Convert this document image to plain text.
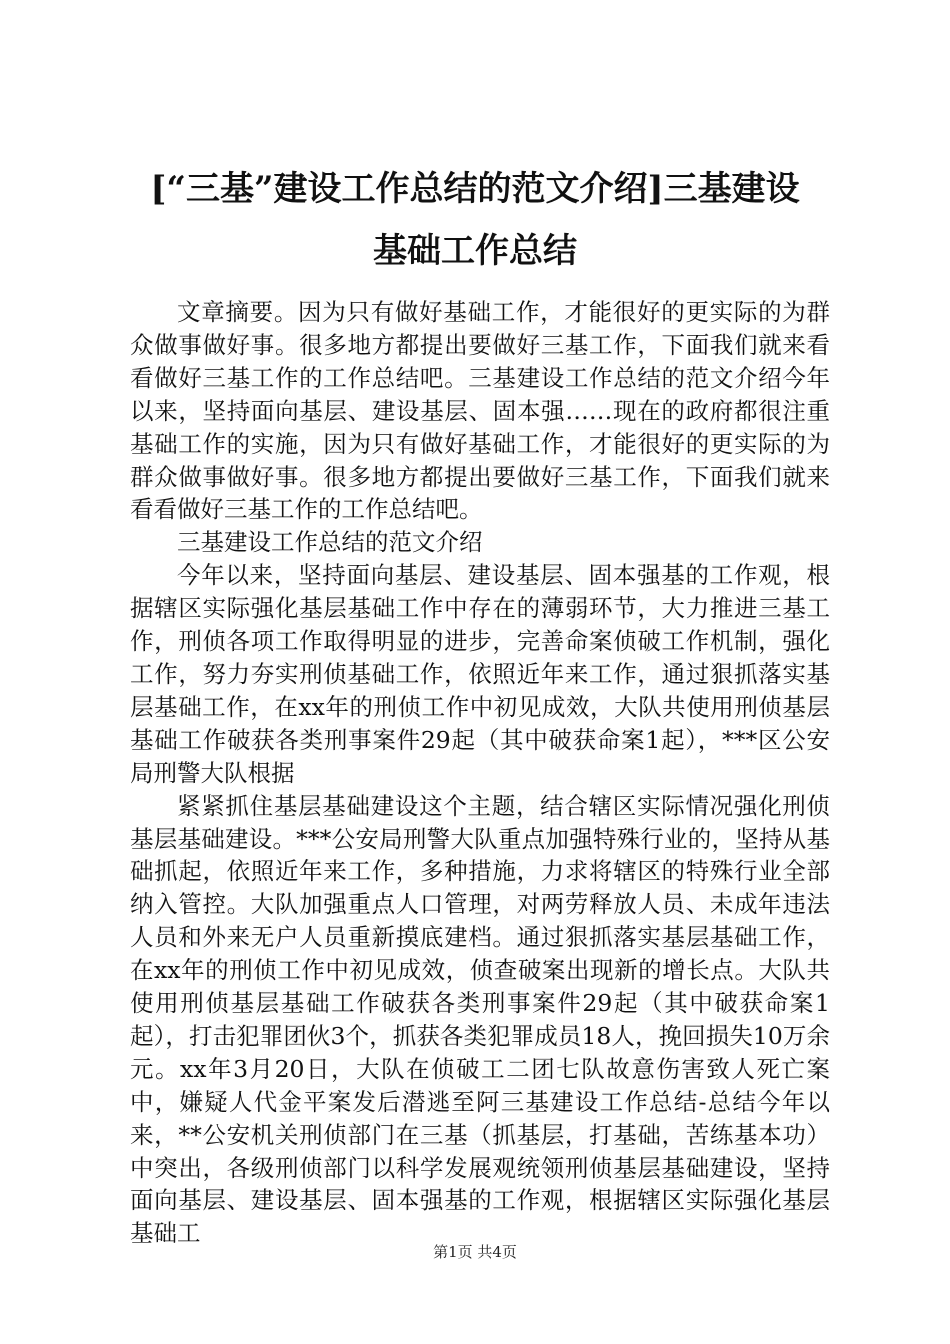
[“三基”建设工作总结的范文介绍]三基建设
基础工作总结

文章摘要。因为只有做好基础工作，才能很好的更实际的为群众做事做好事。很多地方都提出要做好三基工作，下面我们就来看看做好三基工作的工作总结吧。三基建设工作总结的范文介绍今年以来，坚持面向基层、建设基层、固本强……现在的政府都很注重基础工作的实施，因为只有做好基础工作，才能很好的更实际的为群众做事做好事。很多地方都提出要做好三基工作，下面我们就来看看做好三基工作的工作总结吧。

三基建设工作总结的范文介绍

今年以来，坚持面向基层、建设基层、固本强基的工作观，根据辖区实际强化基层基础工作中存在的薄弱环节，大力推进三基工作，刑侦各项工作取得明显的进步，完善命案侦破工作机制，强化工作，努力夯实刑侦基础工作，依照近年来工作，通过狠抓落实基层基础工作，在xx年的刑侦工作中初见成效，大队共使用刑侦基层基础工作破获各类刑事案件29起（其中破获命案1起），***区公安局刑警大队根据

紧紧抓住基层基础建设这个主题，结合辖区实际情况强化刑侦基层基础建设。***公安局刑警大队重点加强特殊行业的，坚持从基础抓起，依照近年来工作，多种措施，力求将辖区的特殊行业全部纳入管控。大队加强重点人口管理，对两劳释放人员、未成年违法人员和外来无户人员重新摸底建档。通过狠抓落实基层基础工作，在xx年的刑侦工作中初见成效，侦查破案出现新的增长点。大队共使用刑侦基层基础工作破获各类刑事案件29起（其中破获命案1起），打击犯罪团伙3个，抓获各类犯罪成员18人，挽回损失10万余元。xx年3月20日，大队在侦破工二团七队故意伤害致人死亡案中，嫌疑人代金平案发后潜逃至阿三基建设工作总结-总结今年以来，**公安机关刑侦部门在三基（抓基层，打基础，苦练基本功）中突出，各级刑侦部门以科学发展观统领刑侦基层基础建设，坚持面向基层、建设基层、固本强基的工作观，根据辖区实际强化基层基础工

第1页 共4页
